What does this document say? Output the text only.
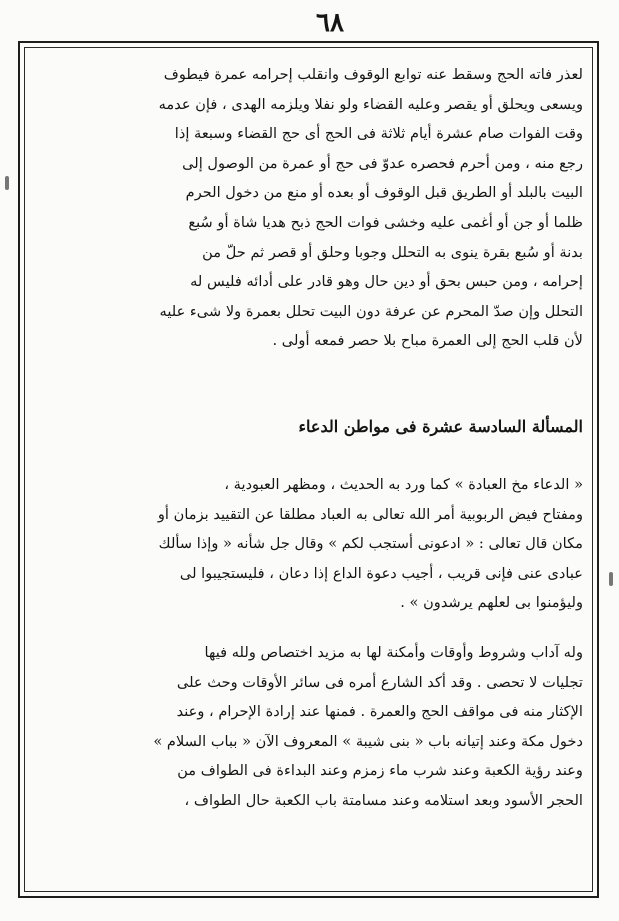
٦٨
لعذر فاته الحج وسقط عنه توابع الوقوف وانقلب إحرامه عمرة فيطوف
ويسعى ويحلق أو يقصر وعليه القضاء ولو نفلا ويلزمه الهدى ، فإن عدمه
وقت الفوات صام عشرة أيام ثلاثة فى الحج أى حج القضاء وسبعة إذا
رجع منه ، ومن أحرم فحصره عدوّ فى حج أو عمرة من الوصول إلى
البيت بالبلد أو الطريق قبل الوقوف أو بعده أو منع من دخول الحرم
ظلما أو جن أو أغمى عليه وخشى فوات الحج ذبح هديا شاة أو سُبع
بدنة أو سُبع بقرة ينوى به التحلل وجوبا وحلق أو قصر ثم حلّ من
إحرامه ، ومن حبس بحق أو دين حال وهو قادر على أدائه فليس له
التحلل وإن صدّ المحرم عن عرفة دون البيت تحلل بعمرة ولا شىء عليه
لأن قلب الحج إلى العمرة مباح بلا حصر فمعه أولى .
المسألة السادسة عشرة فى مواطن الدعاء
« الدعاء مخ العبادة » كما ورد به الحديث ، ومظهر العبودية ،
ومفتاح فيض الربوبية أمر الله تعالى به العباد مطلقا عن التقييد بزمان أو
مكان قال تعالى : « ادعونى أستجب لكم » وقال جل شأنه « وإذا سألك
عبادى عنى فإنى قريب ، أجيب دعوة الداع إذا دعان ، فليستجيبوا لى
وليؤمنوا بى لعلهم يرشدون » .
وله آداب وشروط وأوقات وأمكنة لها به مزيد اختصاص ولله فيها
تجليات لا تحصى . وقد أكد الشارع أمره فى سائر الأوقات وحث على
الإكثار منه فى مواقف الحج والعمرة . فمنها عند إرادة الإحرام ، وعند
دخول مكة وعند إتيانه باب « بنى شيبة » المعروف الآن « بباب السلام »
وعند رؤية الكعبة وعند شرب ماء زمزم وعند البداءة فى الطواف من
الحجر الأسود وبعد استلامه وعند مسامتة باب الكعبة حال الطواف ،
